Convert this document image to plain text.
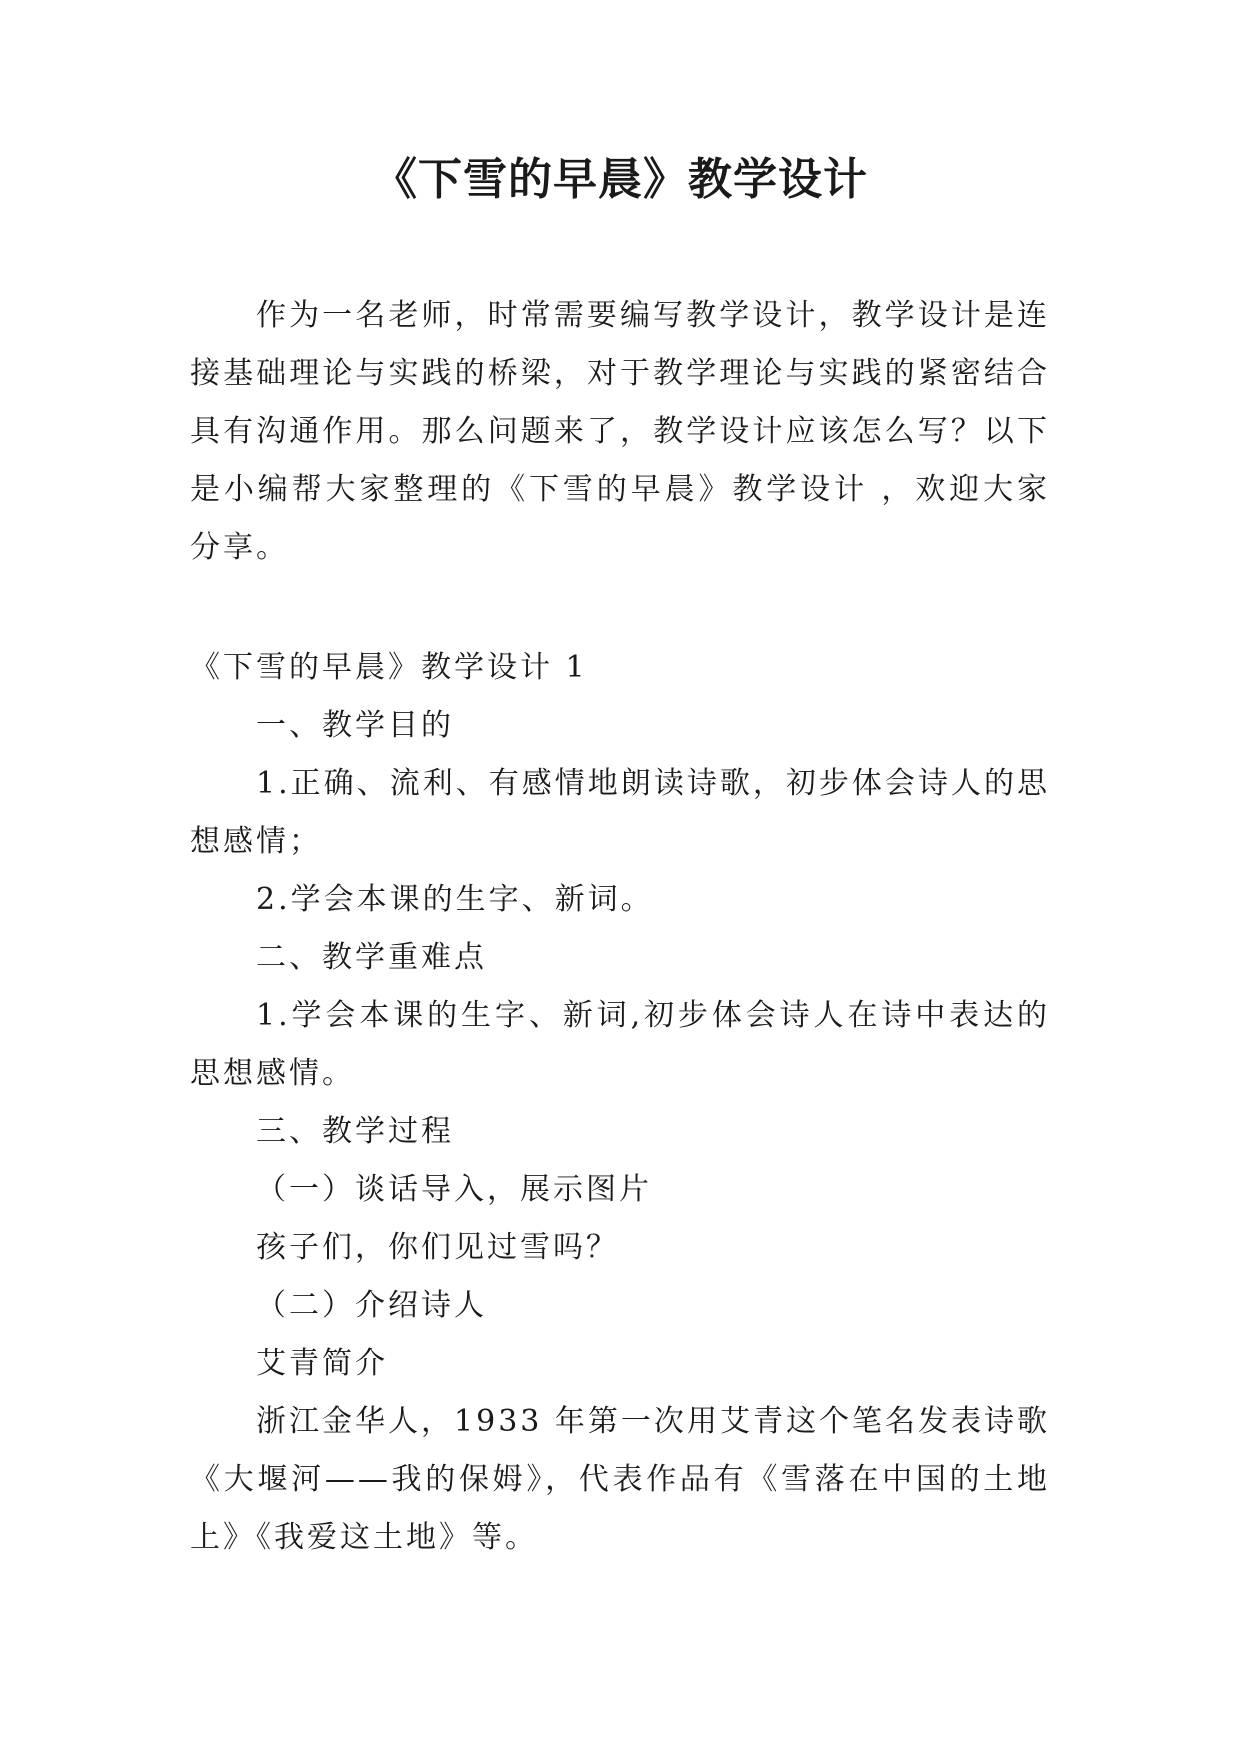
《下雪的早晨》教学设计

作为一名老师，时常需要编写教学设计，教学设计是连接基础理论与实践的桥梁，对于教学理论与实践的紧密结合具有沟通作用。那么问题来了，教学设计应该怎么写？以下是小编帮大家整理的《下雪的早晨》教学设计 ，欢迎大家分享。

《下雪的早晨》教学设计 1

一、教学目的

1.正确、流利、有感情地朗读诗歌，初步体会诗人的思想感情；

2.学会本课的生字、新词。

二、教学重难点

1.学会本课的生字、新词,初步体会诗人在诗中表达的思想感情。

三、教学过程

（一）谈话导入，展示图片

孩子们，你们见过雪吗？

（二）介绍诗人

艾青简介

浙江金华人，1933 年第一次用艾青这个笔名发表诗歌《大堰河——我的保姆》，代表作品有《雪落在中国的土地上》《我爱这土地》等。
